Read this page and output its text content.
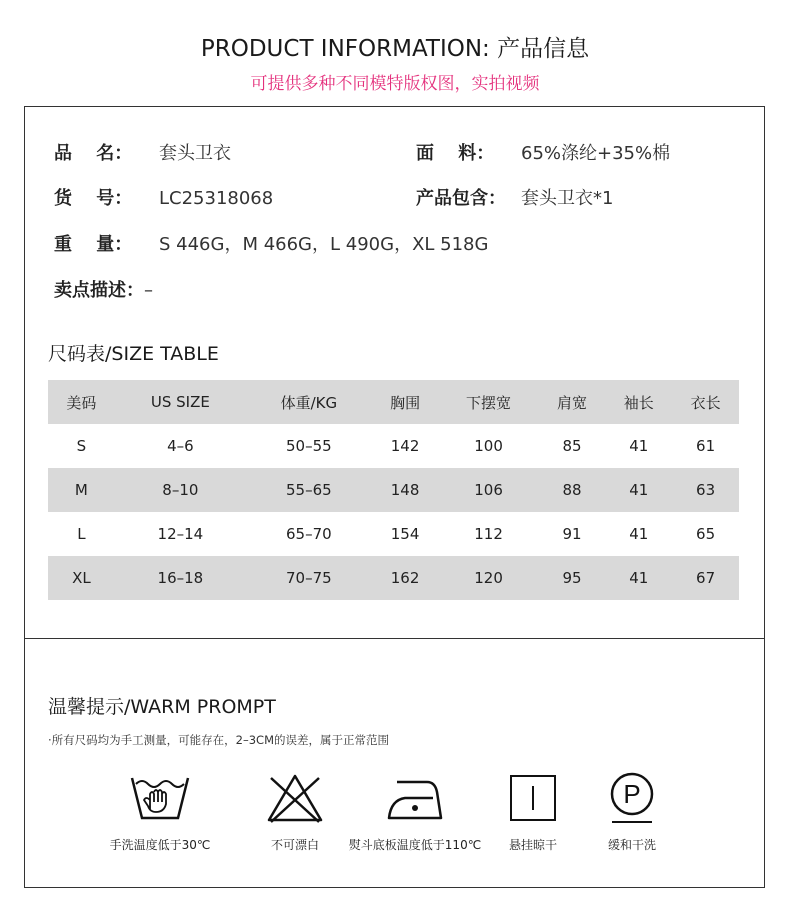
PRODUCT INFORMATION: 产品信息
可提供多种不同模特版权图，实拍视频
品　 名： 套头卫衣	面　 料： 65%涤纶+35%棉
货　 号： LC25318068	产品包含： 套头卫衣*1
重　 量： S 446G，M 466G，L 490G，XL 518G
卖点描述：–
尺码表/SIZE TABLE
美码	US SIZE	体重/KG	胸围	下摆宽	肩宽	袖长	衣长
S	4–6	50–55	142	100	85	41	61
M	8–10	55–65	148	106	88	41	63
L	12–14	65–70	154	112	91	41	65
XL	16–18	70–75	162	120	95	41	67
温馨提示/WARM PROMPT
·所有尺码均为手工测量，可能存在，2–3CM的误差，属于正常范围
手洗温度低于30℃	不可漂白	熨斗底板温度低于110℃	悬挂晾干
P
缓和干洗
